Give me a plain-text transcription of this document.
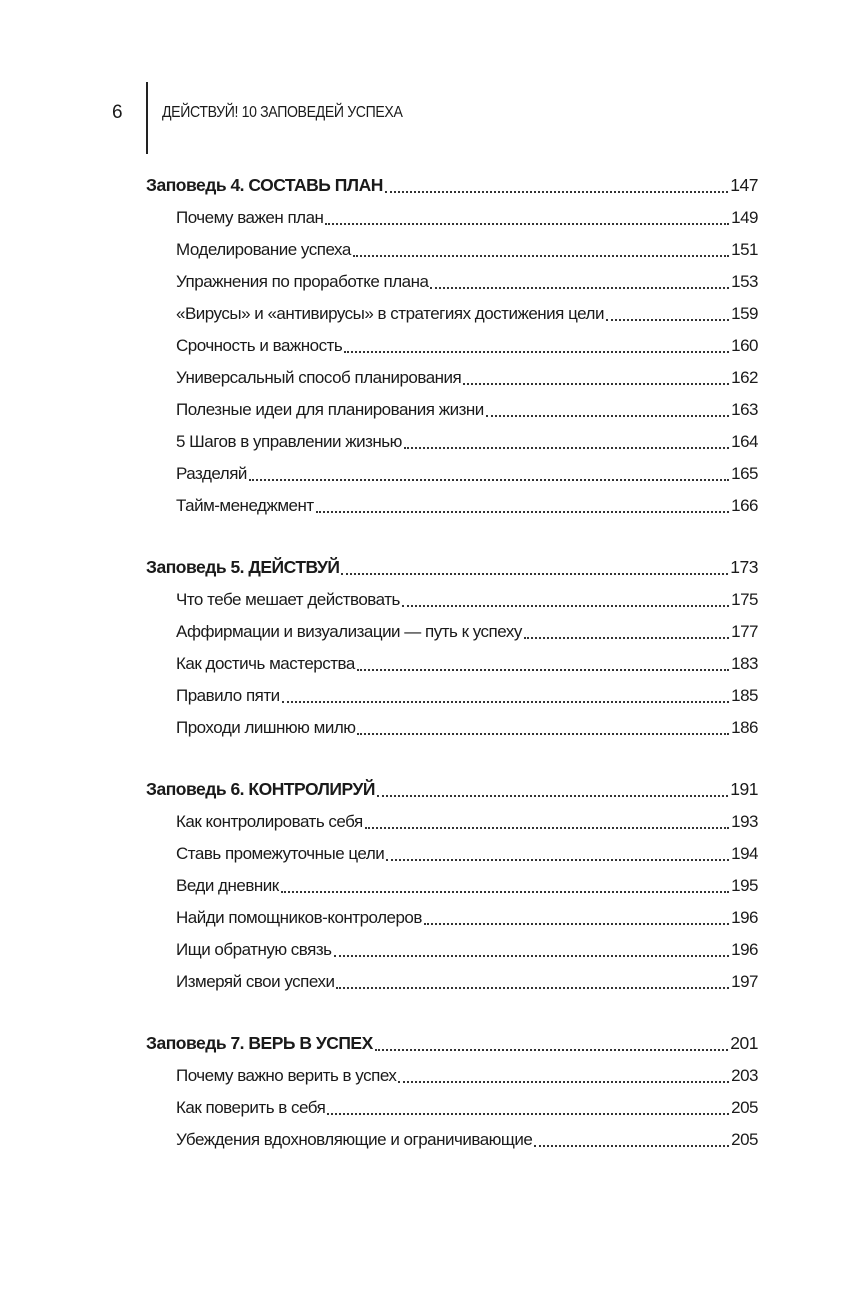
6 ДЕЙСТВУЙ! 10 ЗАПОВЕДЕЙ УСПЕХА
Заповедь 4. СОСТАВЬ ПЛАН	147
Почему важен план	149
Моделирование успеха	151
Упражнения по проработке плана	153
«Вирусы» и «антивирусы» в стратегиях достижения цели	159
Срочность и важность	160
Универсальный способ планирования	162
Полезные идеи для планирования жизни	163
5 Шагов в управлении жизнью	164
Разделяй	165
Тайм-менеджмент	166
Заповедь 5. ДЕЙСТВУЙ	173
Что тебе мешает действовать	175
Аффирмации и визуализации — путь к успеху	177
Как достичь мастерства	183
Правило пяти	185
Проходи лишнюю милю	186
Заповедь 6. КОНТРОЛИРУЙ	191
Как контролировать себя	193
Ставь промежуточные цели	194
Веди дневник	195
Найди помощников-контролеров	196
Ищи обратную связь	196
Измеряй свои успехи	197
Заповедь 7. ВЕРЬ В УСПЕХ	201
Почему важно верить в успех	203
Как поверить в себя	205
Убеждения вдохновляющие и ограничивающие	205
